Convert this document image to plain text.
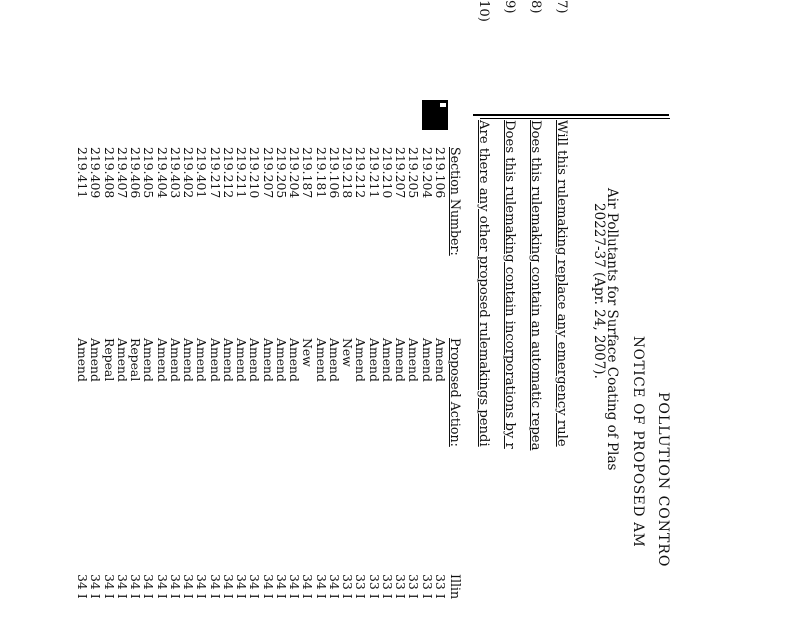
POLLUTION CONTRO
NOTICE OF PROPOSED AM
Air Pollutants for Surface Coating of Plas
20227-37 (Apr. 24, 2007).
7)
Will this rulemaking replace any emergency rule
8)
Does this rulemaking contain an automatic repea
9)
Does this rulemaking contain incorporations by r
10)
Are there any other proposed rulemakings pendi
Section Number:
Proposed Action:
Illin
219.106
Amend
33 I
219.204
Amend
33 I
219.205
Amend
33 I
219.207
Amend
33 I
219.210
Amend
33 I
219.211
Amend
33 I
219.212
Amend
33 I
219.218
New
33 I
219.106
Amend
34 I
219.181
Amend
34 I
219.187
New
34 I
219.204
Amend
34 I
219.205
Amend
34 I
219.207
Amend
34 I
219.210
Amend
34 I
219.211
Amend
34 I
219.212
Amend
34 I
219.217
Amend
34 I
219.401
Amend
34 I
219.402
Amend
34 I
219.403
Amend
34 I
219.404
Amend
34 I
219.405
Amend
34 I
219.406
Repeal
34 I
219.407
Amend
34 I
219.408
Repeal
34 I
219.409
Amend
34 I
219.411
Amend
34 I
